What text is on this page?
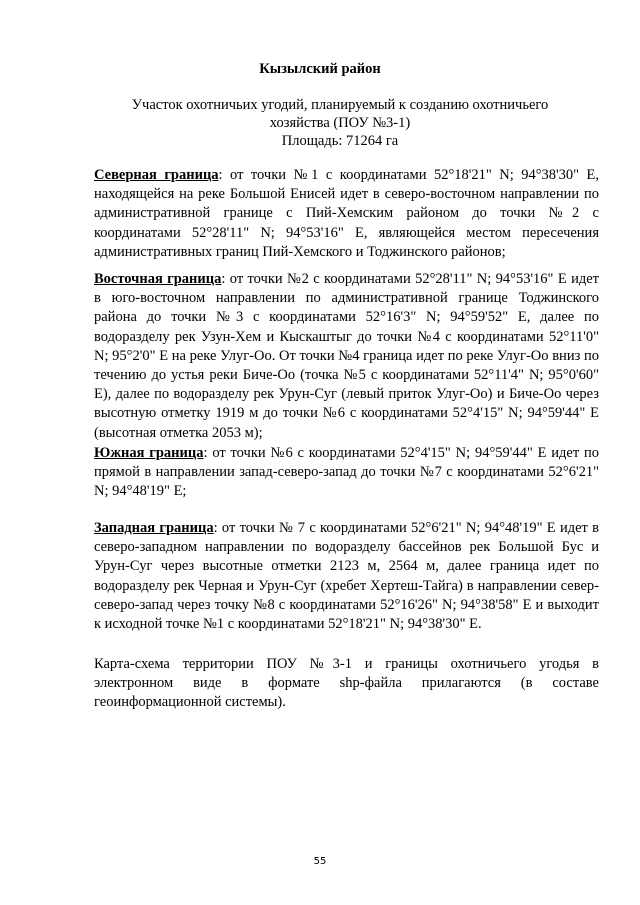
Кызылский район
Участок охотничьих угодий, планируемый к созданию охотничьего
хозяйства (ПОУ №3-1)
Площадь: 71264 га

Северная граница: от точки №1 с координатами 52°18'21" N; 94°38'30" E, находящейся на реке Большой Енисей идет в северо-восточном направлении по административной границе с Пий-Хемским районом до точки №2 с координатами 52°28'11" N; 94°53'16" E, являющейся местом пересечения административных границ Пий-Хемского и Тоджинского районов;

Восточная граница: от точки №2 с координатами 52°28'11" N; 94°53'16" E идет в юго-восточном направлении по административной границе Тоджинского района до точки №3 с координатами 52°16'3" N; 94°59'52" E, далее по водоразделу рек Узун-Хем и Кыскаштыг до точки №4 с координатами 52°11'0" N; 95°2'0" E на реке Улуг-Оо. От точки №4 граница идет по реке Улуг-Оо вниз по течению до устья реки Биче-Оо (точка №5 с координатами 52°11'4" N; 95°0'60" E), далее по водоразделу рек Урун-Суг (левый приток Улуг-Оо) и Биче-Оо через высотную отметку 1919 м до точки №6 с координатами 52°4'15" N; 94°59'44" E (высотная отметка 2053 м);

Южная граница: от точки №6 с координатами 52°4'15" N; 94°59'44" E идет по прямой в направлении запад-северо-запад до точки №7 с координатами 52°6'21" N; 94°48'19" E;

Западная граница: от точки № 7 с координатами 52°6'21" N; 94°48'19" E идет в северо-западном направлении по водоразделу бассейнов рек Большой Бус и Урун-Суг через высотные отметки 2123 м, 2564 м, далее граница идет по водоразделу рек Черная и Урун-Суг (хребет Хертеш-Тайга) в направлении север-северо-запад через точку №8 с координатами 52°16'26" N; 94°38'58" E и выходит к исходной точке №1 с координатами 52°18'21" N; 94°38'30" E.

Карта-схема территории ПОУ №3-1 и границы охотничьего угодья в электронном виде в формате shp-файла прилагаются (в составе геоинформационной системы).

55
